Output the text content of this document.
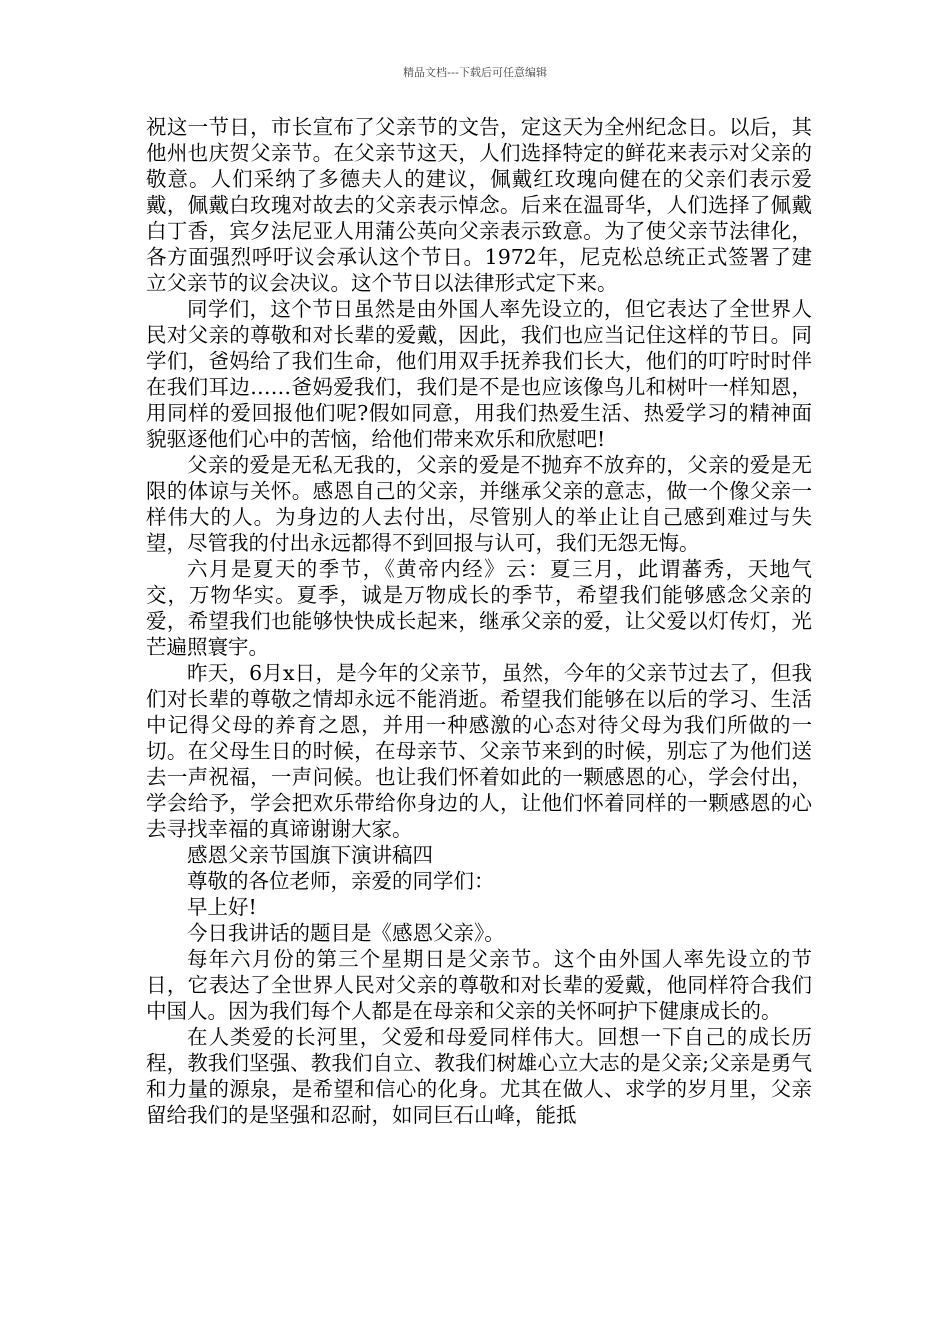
精品文档---下载后可任意编辑

祝这一节日，市长宣布了父亲节的文告，定这天为全州纪念日。以后，其他州也庆贺父亲节。在父亲节这天，人们选择特定的鲜花来表示对父亲的敬意。人们采纳了多德夫人的建议，佩戴红玫瑰向健在的父亲们表示爱戴，佩戴白玫瑰对故去的父亲表示悼念。后来在温哥华，人们选择了佩戴白丁香，宾夕法尼亚人用蒲公英向父亲表示致意。为了使父亲节法律化，各方面强烈呼吁议会承认这个节日。1972年，尼克松总统正式签署了建立父亲节的议会决议。这个节日以法律形式定下来。

同学们，这个节日虽然是由外国人率先设立的，但它表达了全世界人民对父亲的尊敬和对长辈的爱戴，因此，我们也应当记住这样的节日。同学们，爸妈给了我们生命，他们用双手抚养我们长大，他们的叮咛时时伴在我们耳边……爸妈爱我们，我们是不是也应该像鸟儿和树叶一样知恩，用同样的爱回报他们呢?假如同意，用我们热爱生活、热爱学习的精神面貌驱逐他们心中的苦恼，给他们带来欢乐和欣慰吧!

父亲的爱是无私无我的，父亲的爱是不抛弃不放弃的，父亲的爱是无限的体谅与关怀。感恩自己的父亲，并继承父亲的意志，做一个像父亲一样伟大的人。为身边的人去付出，尽管别人的举止让自己感到难过与失望，尽管我的付出永远都得不到回报与认可，我们无怨无悔。

六月是夏天的季节，《黄帝内经》云：夏三月，此谓蕃秀，天地气交，万物华实。夏季，诚是万物成长的季节，希望我们能够感念父亲的爱，希望我们也能够快快成长起来，继承父亲的爱，让父爱以灯传灯，光芒遍照寰宇。

昨天，6月x日，是今年的父亲节，虽然，今年的父亲节过去了，但我们对长辈的尊敬之情却永远不能消逝。希望我们能够在以后的学习、生活中记得父母的养育之恩，并用一种感激的心态对待父母为我们所做的一切。在父母生日的时候，在母亲节、父亲节来到的时候，别忘了为他们送去一声祝福，一声问候。也让我们怀着如此的一颗感恩的心，学会付出，学会给予，学会把欢乐带给你身边的人，让他们怀着同样的一颗感恩的心去寻找幸福的真谛谢谢大家。

感恩父亲节国旗下演讲稿四

尊敬的各位老师，亲爱的同学们：

早上好!

今日我讲话的题目是《感恩父亲》。

每年六月份的第三个星期日是父亲节。这个由外国人率先设立的节日，它表达了全世界人民对父亲的尊敬和对长辈的爱戴，他同样符合我们中国人。因为我们每个人都是在母亲和父亲的关怀呵护下健康成长的。

在人类爱的长河里，父爱和母爱同样伟大。回想一下自己的成长历程，教我们坚强、教我们自立、教我们树雄心立大志的是父亲;父亲是勇气和力量的源泉，是希望和信心的化身。尤其在做人、求学的岁月里，父亲留给我们的是坚强和忍耐，如同巨石山峰，能抵
